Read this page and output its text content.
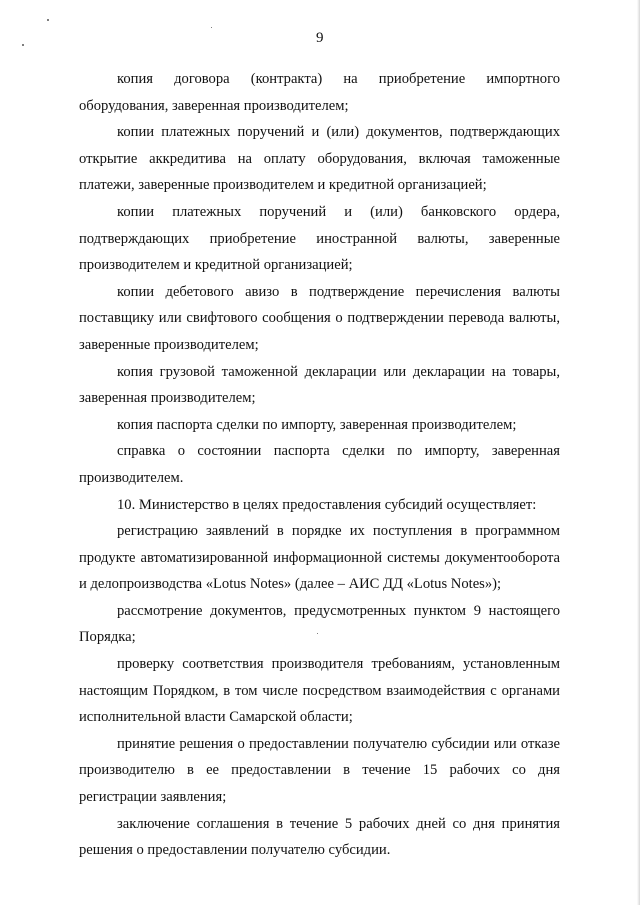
9

копия договора (контракта) на приобретение импортного оборудования, заверенная производителем;

копии платежных поручений и (или) документов, подтверждающих открытие аккредитива на оплату оборудования, включая таможенные платежи, заверенные производителем и кредитной организацией;

копии платежных поручений и (или) банковского ордера, подтверждающих приобретение иностранной валюты, заверенные производителем и кредитной организацией;

копии дебетового авизо в подтверждение перечисления валюты поставщику или свифтового сообщения о подтверждении перевода валюты, заверенные производителем;

копия грузовой таможенной декларации или декларации на товары, заверенная производителем;

копия паспорта сделки по импорту, заверенная производителем;

справка о состоянии паспорта сделки по импорту, заверенная производителем.

10. Министерство в целях предоставления субсидий осуществляет:

регистрацию заявлений в порядке их поступления в программном продукте автоматизированной информационной системы документооборота и делопроизводства «Lotus Notes» (далее – АИС ДД «Lotus Notes»);

рассмотрение документов, предусмотренных пунктом 9 настоящего Порядка;

проверку соответствия производителя требованиям, установленным настоящим Порядком, в том числе посредством взаимодействия с органами исполнительной власти Самарской области;

принятие решения о предоставлении получателю субсидии или отказе производителю в ее предоставлении в течение 15 рабочих со дня регистрации заявления;

заключение соглашения в течение 5 рабочих дней со дня принятия решения о предоставлении получателю субсидии.
